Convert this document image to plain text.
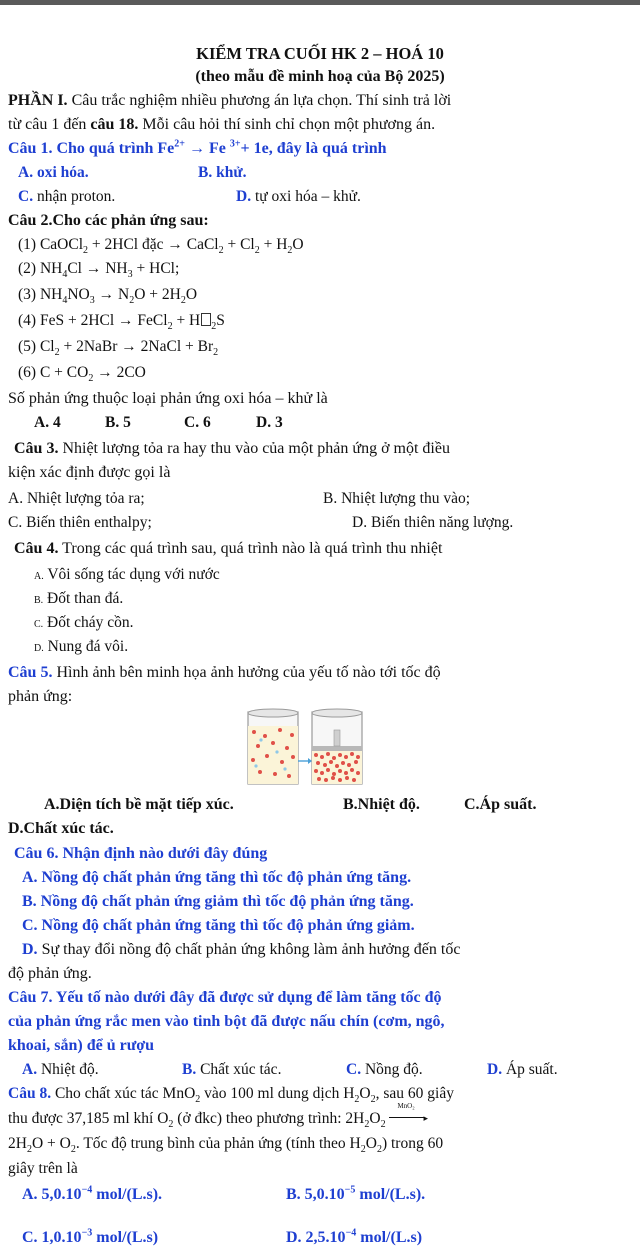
KIỂM TRA CUỐI HK 2 – HOÁ 10
(theo mẫu đề minh hoạ của Bộ 2025)
PHẦN I. Câu trắc nghiệm nhiều phương án lựa chọn. Thí sinh trả lời
từ câu 1 đến câu 18. Mỗi câu hỏi thí sinh chỉ chọn một phương án.
Câu 1. Cho quá trình $Fe^{2+} \to Fe$ $^{3+}$+ 1e, đây là quá trình
A. oxi hóa.	B. khử.
C. nhận proton.	D. tự oxi hóa – khử.
Câu 2.Cho các phản ứng sau:
(1) CaOCl$_2$ + 2HCl đặc → CaCl$_2$ + $Cl_2 + H_2O$
(2) $NH_4Cl \to NH_3$ + HCl;
(3) $NH_4NO_3 \to N_2O + 2H_2O$
(4) FeS + 2HCl → FeCl$_2$ + H $_2$S
(5) $Cl_2$ + 2NaBr → 2NaCl + $Br_2$
(6) $C + CO_2 \to 2CO$
Số phản ứng thuộc loại phản ứng oxi hóa – khử là
A. 4	B. 5	C. 6	D. 3
Câu 3. Nhiệt lượng tỏa ra hay thu vào của một phản ứng ở một điều
kiện xác định được gọi là
A. Nhiệt lượng tỏa ra;	B. Nhiệt lượng thu vào;
C. Biến thiên enthalpy;	D. Biến thiên năng lượng.
Câu 4. Trong các quá trình sau, quá trình nào là quá trình thu nhiệt
A. Vôi sống tác dụng với nước
B. Đốt than đá.
C. Đốt cháy cồn.
D. Nung đá vôi.
Câu 5. Hình ảnh bên minh họa ảnh hưởng của yếu tố nào tới tốc độ
phản ứng:
A.Diện tích bề mặt tiếp xúc.	B.Nhiệt độ.	C.Áp suất.
D.Chất xúc tác.
Câu 6. Nhận định nào dưới đây đúng
A. Nồng độ chất phản ứng tăng thì tốc độ phản ứng tăng.
B. Nồng độ chất phản ứng giảm thì tốc độ phản ứng tăng.
C. Nồng độ chất phản ứng tăng thì tốc độ phản ứng giảm.
D. Sự thay đổi nồng độ chất phản ứng không làm ảnh hưởng đến tốc
độ phản ứng.
Câu 7. Yếu tố nào dưới đây đã được sử dụng để làm tăng tốc độ
của phản ứng rắc men vào tinh bột đã được nấu chín (cơm, ngô,
khoai, sắn) để ủ rượu
A. Nhiệt độ.	B. Chất xúc tác.	C. Nồng độ.	D. Áp suất.
Câu 8. Cho chất xúc tác MnO$_2$ vào 100 ml dung dịch $H_2O_2$, sau 60 giây
thu được 37,185 ml khí $O_2$ (ở đkc) theo phương trình: $2H_2O_2$
MnO₂
▸
$2H_2O + O_2$. Tốc độ trung bình của phản ứng (tính theo $H_2O_2$) trong 60
giây trên là
A. $5,0.10^{-4}$ mol/(L.s).	B. $5,0.10^{-5}$ mol/(L.s).
C. $1,0.10^{-3}$ mol/(L.s)	D. $2,5.10^{-4}$ mol/(L.s)
